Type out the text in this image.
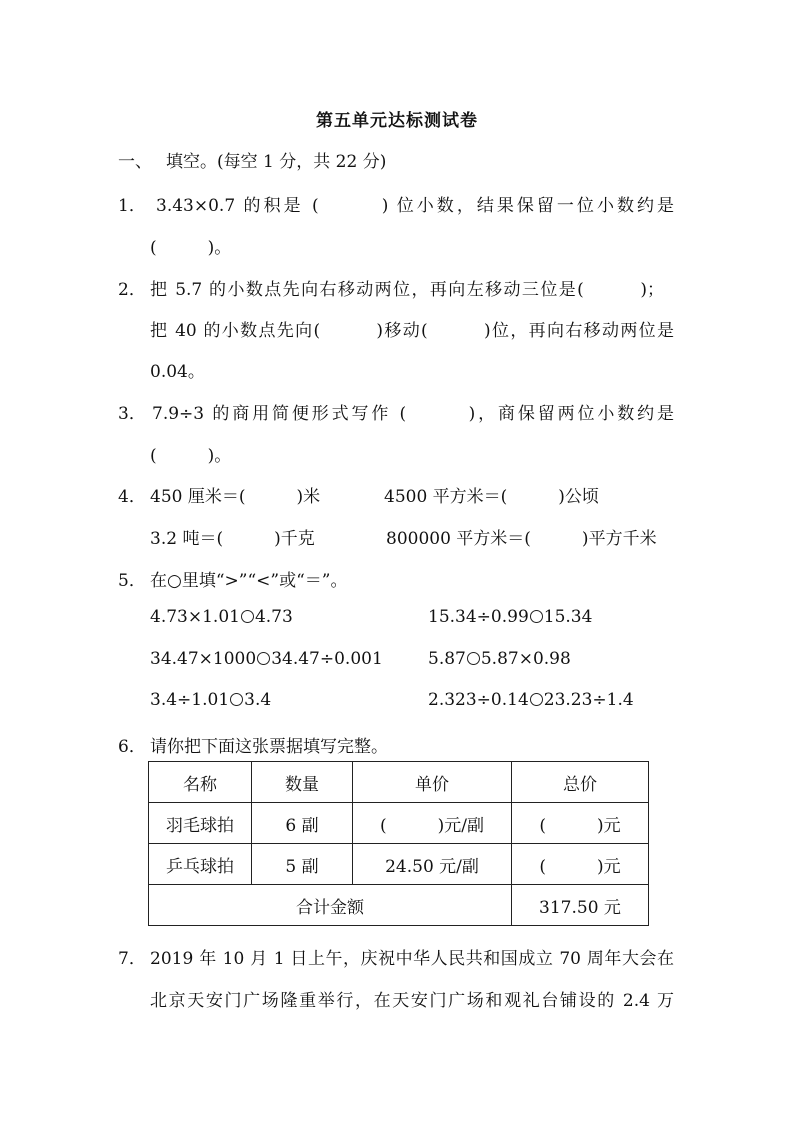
第五单元达标测试卷
一、 填空。(每空 1 分，共 22 分)
1． 3.43×0.7 的积是 (　　　) 位小数，结果保留一位小数约是
(　　　)。
2． 把 5.7 的小数点先向右移动两位，再向左移动三位是(　　　)；
把 40 的小数点先向(　　　)移动(　　　)位，再向右移动两位是
0.04。
3． 7.9÷3 的商用简便形式写作 (　　　)，商保留两位小数约是
(　　　)。
4． 450 厘米＝(　　　)米	4500 平方米＝(　　　)公顷
3.2 吨＝(　　　)千克	800000 平方米＝(　　　)平方千米
5． 在○里填“>”“<”或“＝”。
4.73×1.01 4.73	15.34÷0.99 15.34
34.47×1000 34.47÷0.001	5.87 5.87×0.98
3.4÷1.01 3.4	2.323÷0.14 23.23÷1.4
6． 请你把下面这张票据填写完整。
名称	数量	单价	总价
羽毛球拍	6 副	(　　　)元/副	(　　　)元
乒乓球拍	5 副	24.50 元/副	(　　　)元
合计金额			317.50 元
7． 2019 年 10 月 1 日上午，庆祝中华人民共和国成立 70 周年大会在
北京天安门广场隆重举行，在天安门广场和观礼台铺设的 2.4 万
